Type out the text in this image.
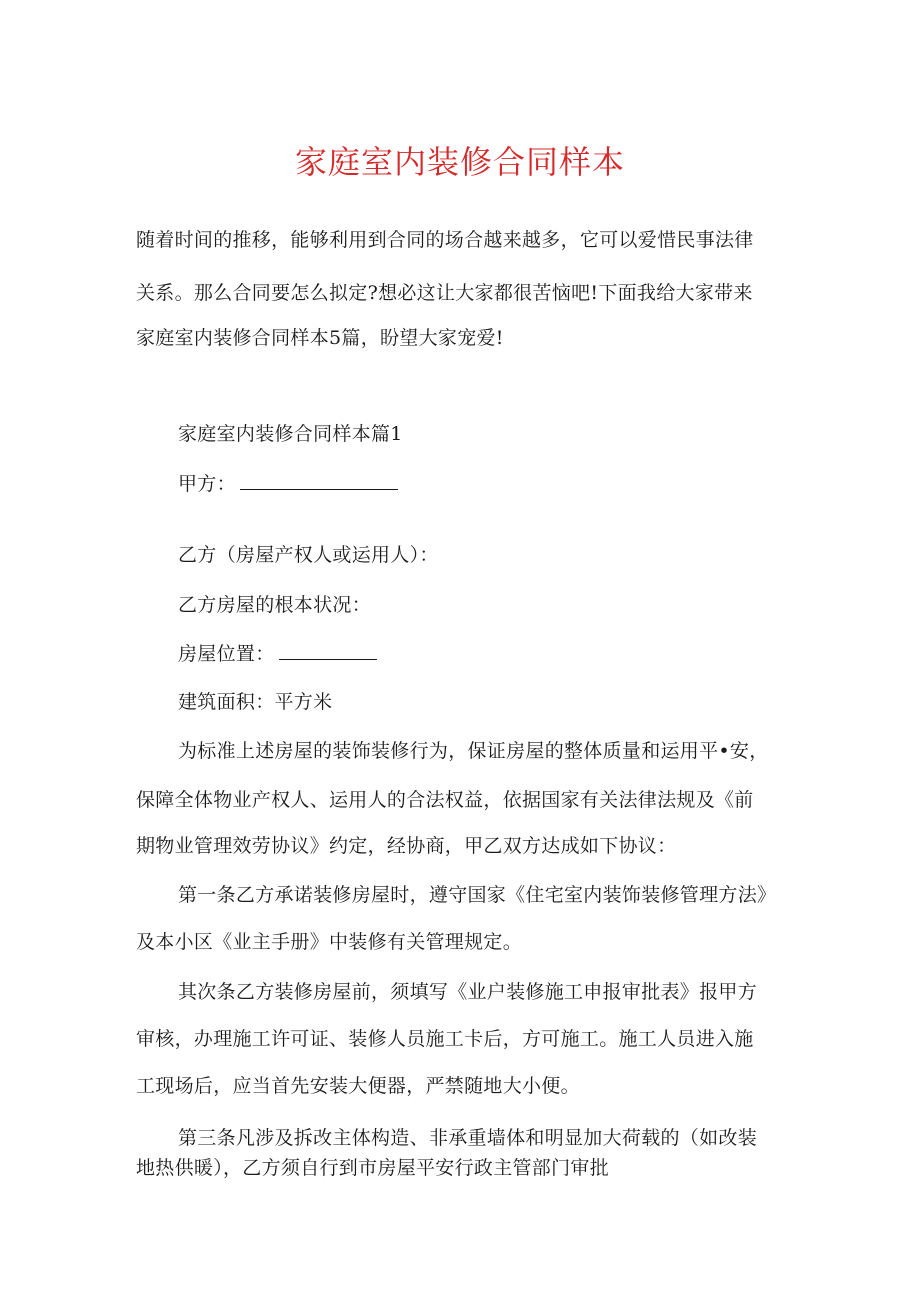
家庭室内装修合同样本
随着时间的推移，能够利用到合同的场合越来越多，它可以爱惜民事法律
关系。那么合同要怎么拟定?想必这让大家都很苦恼吧!下面我给大家带来
家庭室内装修合同样本5篇，盼望大家宠爱!
家庭室内装修合同样本篇1
甲方：
乙方（房屋产权人或运用人）：
乙方房屋的根本状况：
房屋位置：
建筑面积：平方米
为标准上述房屋的装饰装修行为，保证房屋的整体质量和运用平•安，
保障全体物业产权人、运用人的合法权益，依据国家有关法律法规及《前
期物业管理效劳协议》约定，经协商，甲乙双方达成如下协议：
第一条乙方承诺装修房屋时，遵守国家《住宅室内装饰装修管理方法》
及本小区《业主手册》中装修有关管理规定。
其次条乙方装修房屋前，须填写《业户装修施工申报审批表》报甲方
审核，办理施工许可证、装修人员施工卡后，方可施工。施工人员进入施
工现场后，应当首先安装大便器，严禁随地大小便。
第三条凡涉及拆改主体构造、非承重墙体和明显加大荷载的（如改装
地热供暖），乙方须自行到市房屋平安行政主管部门审批
